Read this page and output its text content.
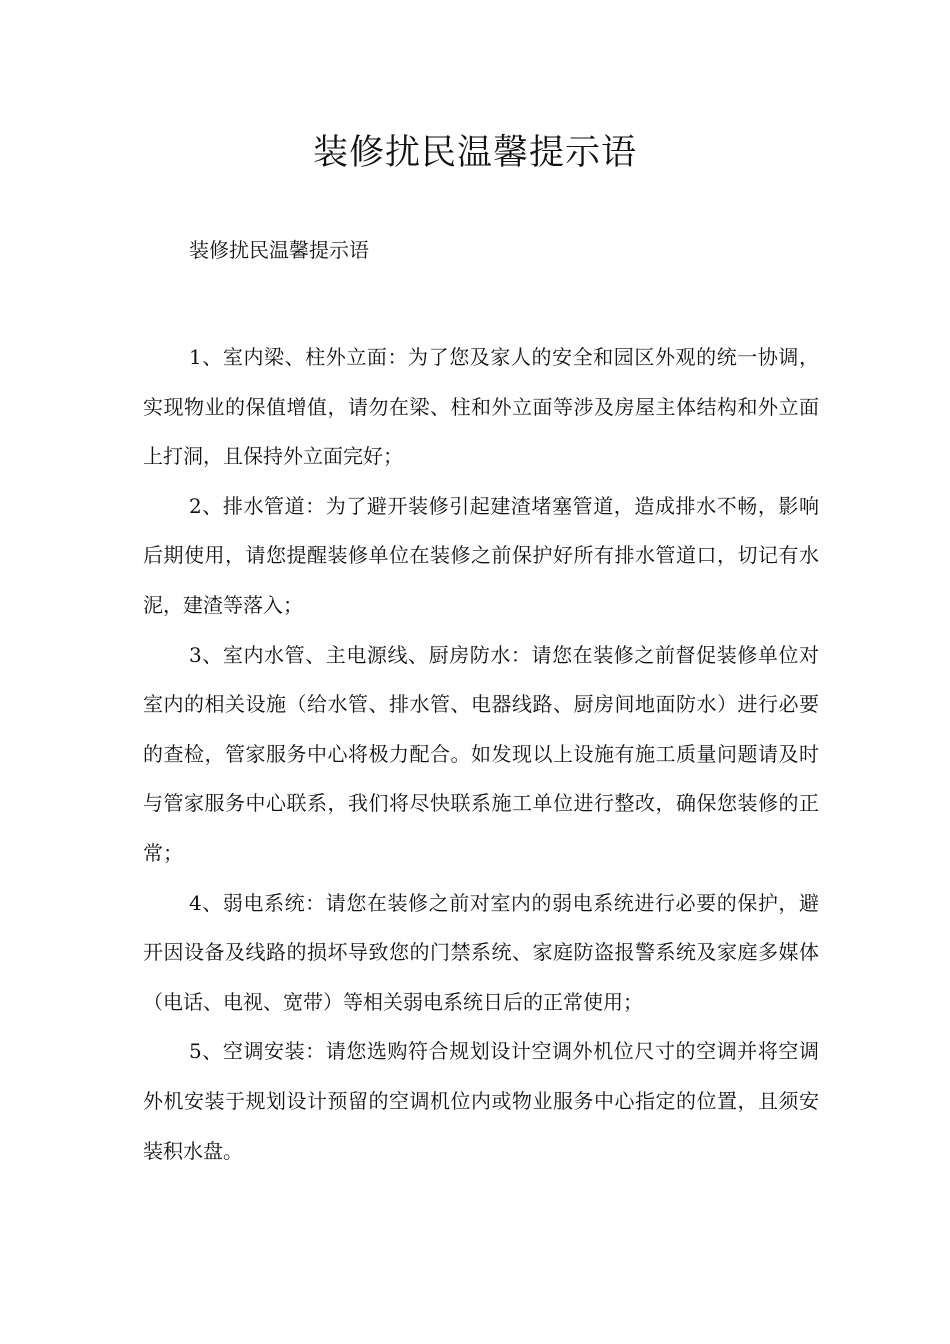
装修扰民温馨提示语

装修扰民温馨提示语

1、室内梁、柱外立面：为了您及家人的安全和园区外观的统一协调，实现物业的保值增值，请勿在梁、柱和外立面等涉及房屋主体结构和外立面上打洞，且保持外立面完好；

2、排水管道：为了避开装修引起建渣堵塞管道，造成排水不畅，影响后期使用，请您提醒装修单位在装修之前保护好所有排水管道口，切记有水泥，建渣等落入；

3、室内水管、主电源线、厨房防水：请您在装修之前督促装修单位对室内的相关设施（给水管、排水管、电器线路、厨房间地面防水）进行必要的查检，管家服务中心将极力配合。如发现以上设施有施工质量问题请及时与管家服务中心联系，我们将尽快联系施工单位进行整改，确保您装修的正常；

4、弱电系统：请您在装修之前对室内的弱电系统进行必要的保护，避开因设备及线路的损坏导致您的门禁系统、家庭防盗报警系统及家庭多媒体（电话、电视、宽带）等相关弱电系统日后的正常使用；

5、空调安装：请您选购符合规划设计空调外机位尺寸的空调并将空调外机安装于规划设计预留的空调机位内或物业服务中心指定的位置，且须安装积水盘。
